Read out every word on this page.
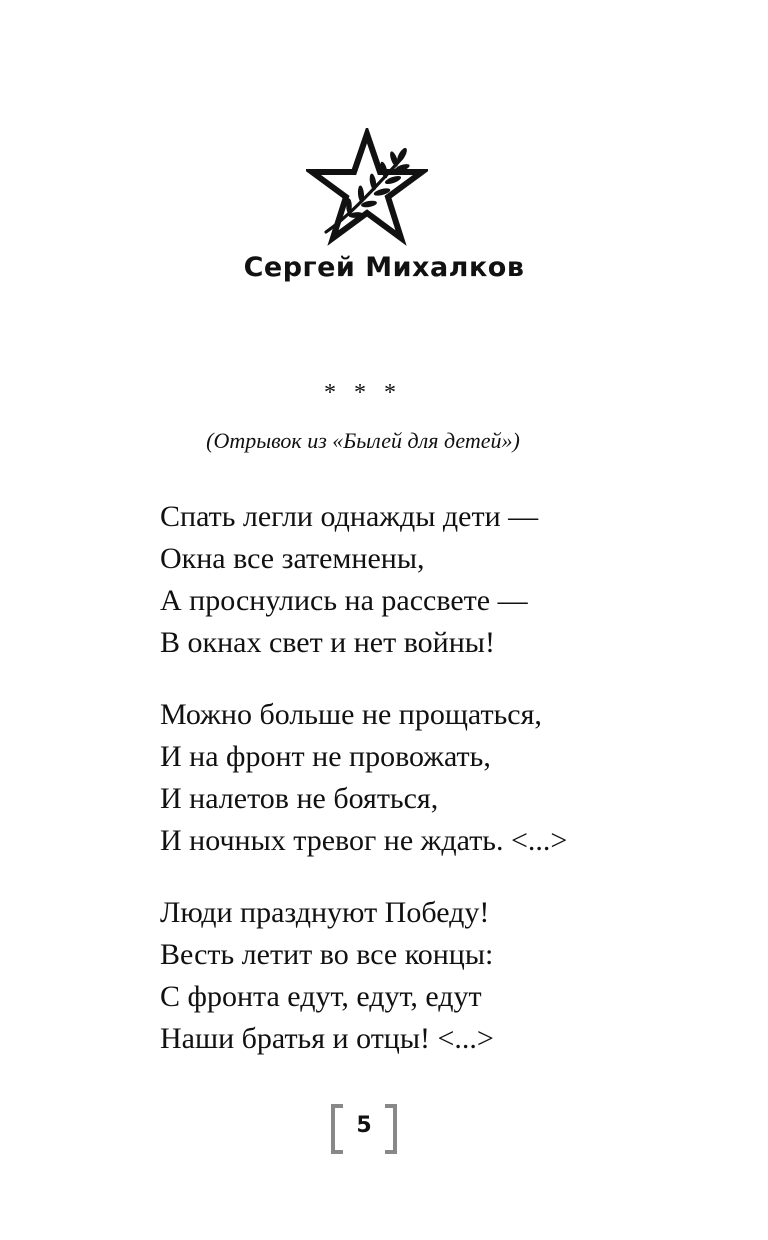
Сергей Михалков
* * *
(Отрывок из «Былей для детей»)
Спать легли однажды дети —
Окна все затемнены,
А проснулись на рассвете —
В окнах свет и нет войны!
Можно больше не прощаться,
И на фронт не провожать,
И налетов не бояться,
И ночных тревог не ждать. <...>
Люди празднуют Победу!
Весть летит во все концы:
С фронта едут, едут, едут
Наши братья и отцы! <...>
5
